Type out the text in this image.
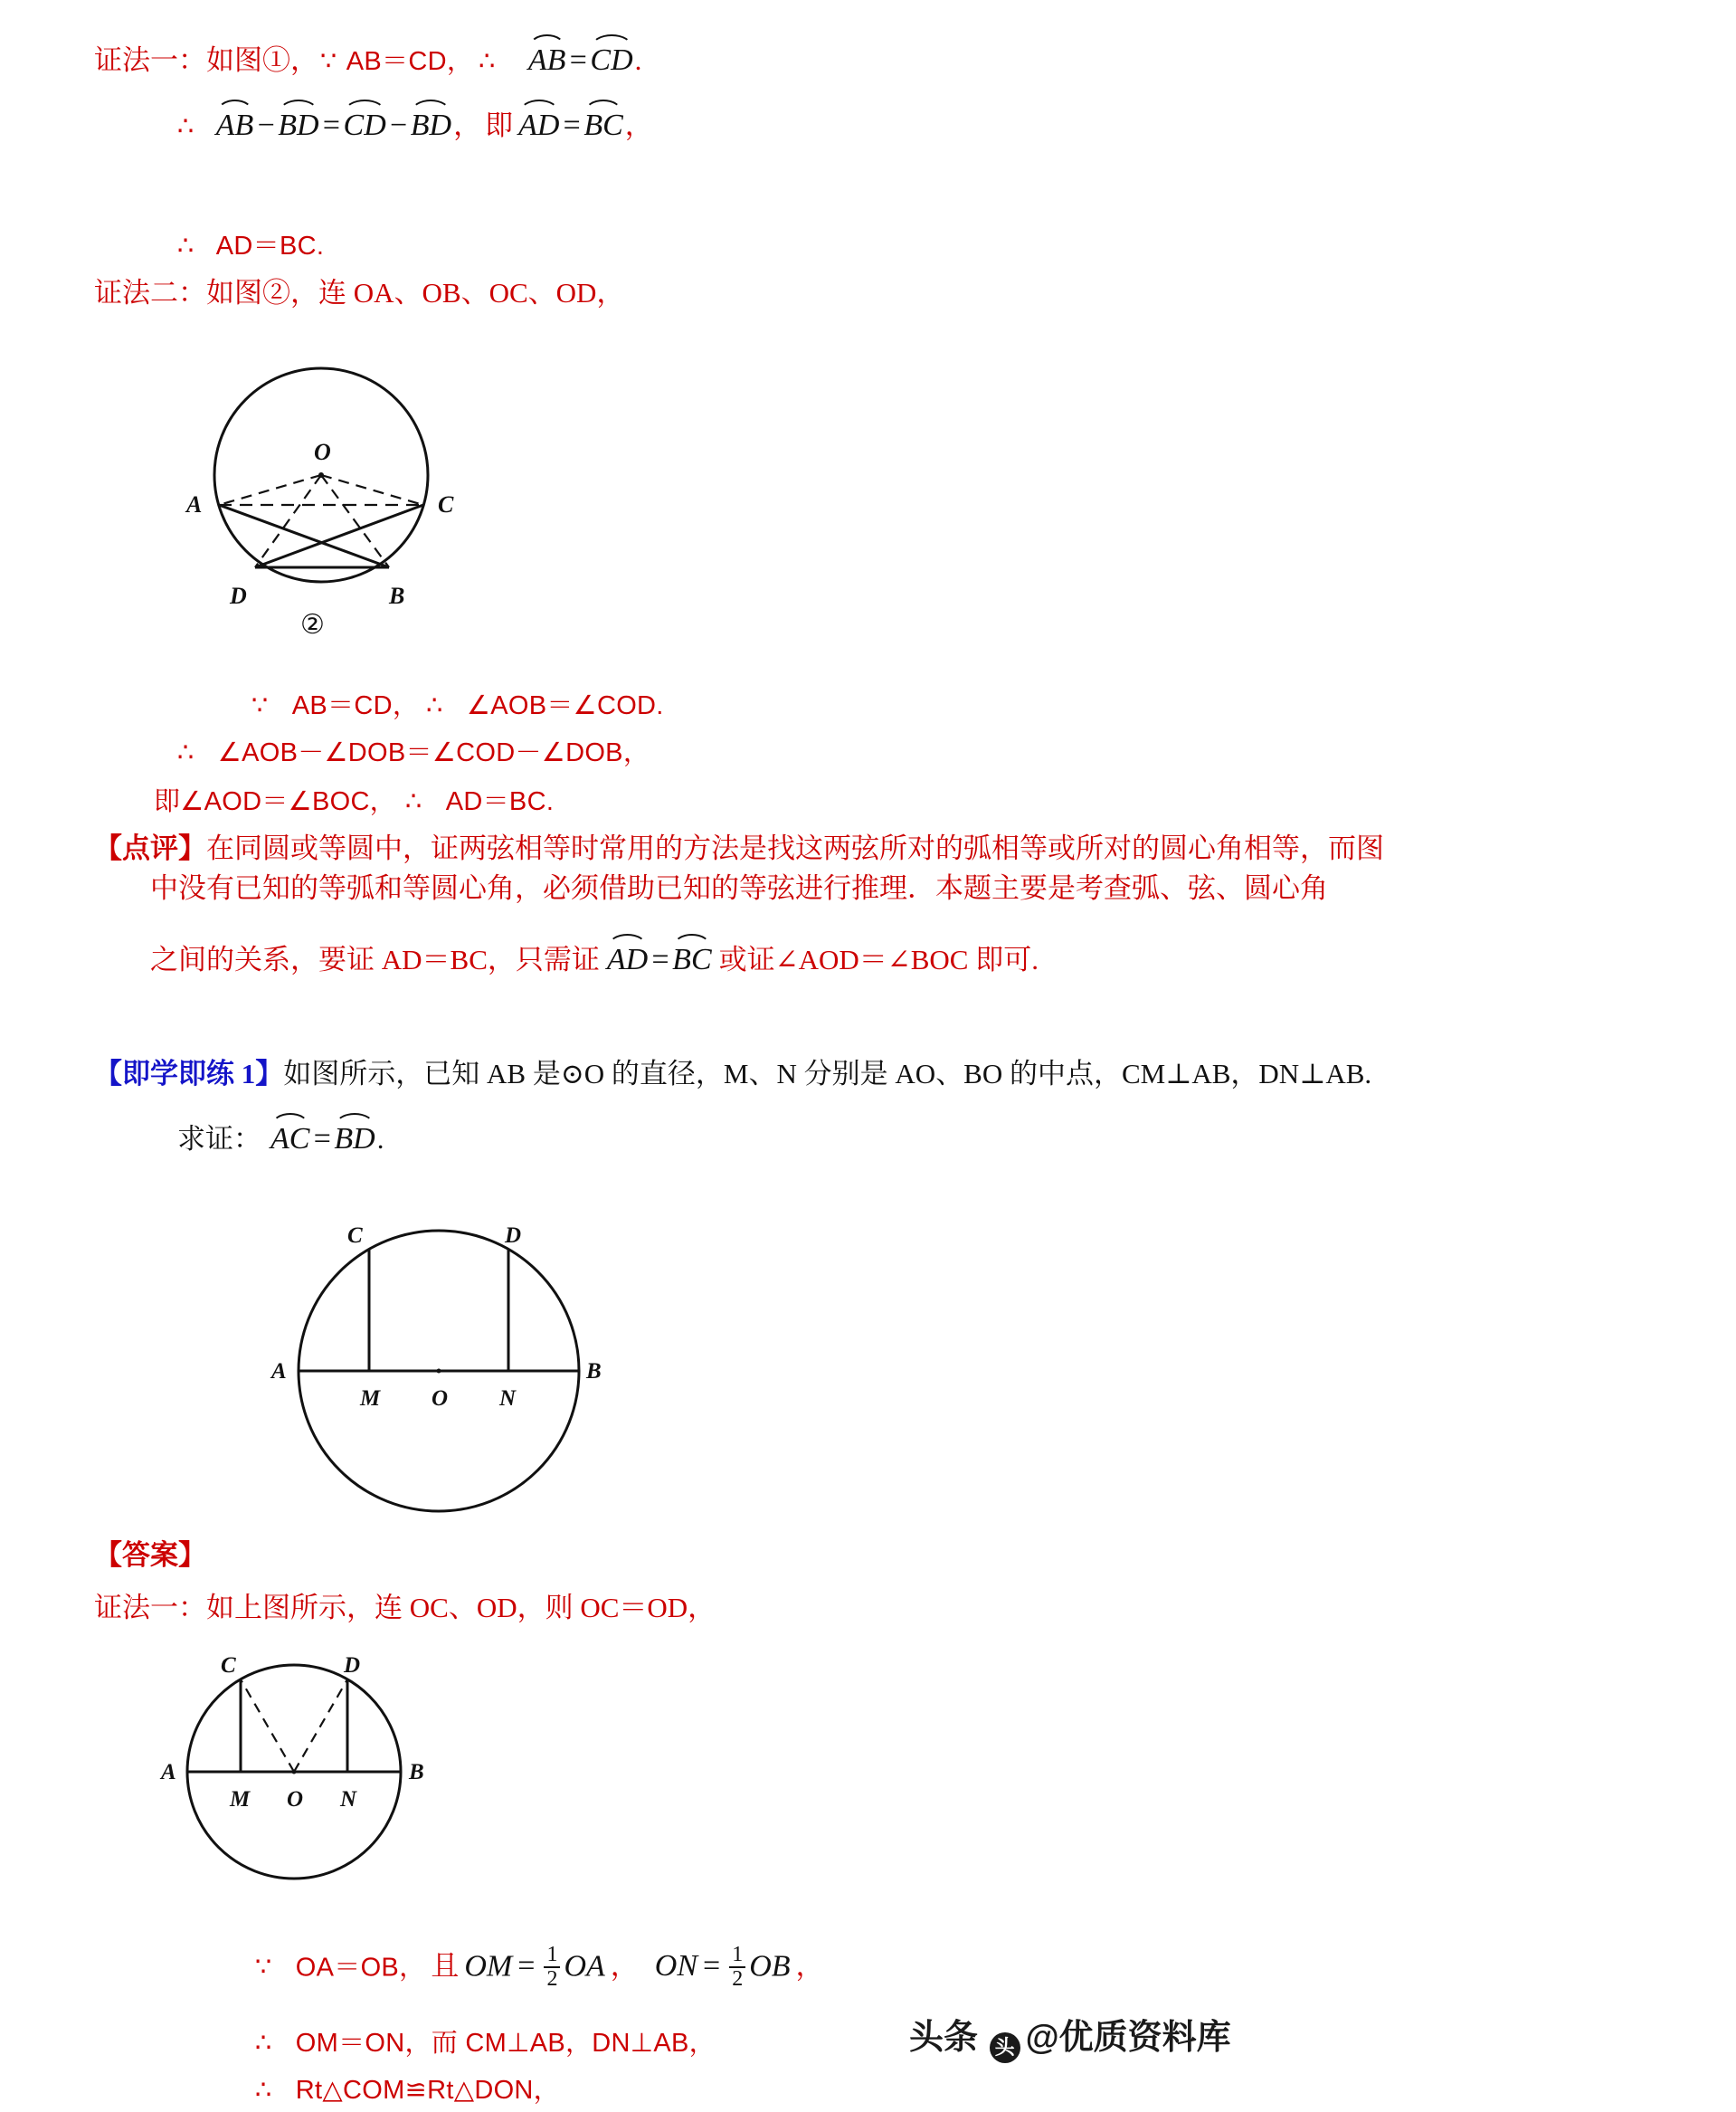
证法一：如图①，∵ AB＝CD， ∴ AB=
CD.
∴ AB−
BD=
CD−
BD， 即 AD=
BC，
∴ AD＝BC.
证法二：如图②，连 OA、OB、OC、OD，
O
A	C
D	B
②
∵ AB＝CD， ∴ ∠AOB＝∠COD.
∴ ∠AOB－∠DOB＝∠COD－∠DOB，
即∠AOD＝∠BOC， ∴ AD＝BC.
【点评】在同圆或等圆中，证两弦相等时常用的方法是找这两弦所对的弧相等或所对的圆心角相等，而图
中没有已知的等弧和等圆心角，必须借助已知的等弦进行推理．本题主要是考查弧、弦、圆心角
之间的关系，要证 AD＝BC，只需证 AD=
BC 或证∠AOD＝∠BOC 即可.
【即学即练 1】如图所示，已知 AB 是⊙O 的直径，M、N 分别是 AO、BO 的中点，CM⊥AB，DN⊥AB.
求证： AC=
BD.
C	D
A
M O N
B
【答案】
证法一：如上图所示，连 OC、OD，则 OC＝OD，
C	D
A
M O N
B
∵ OA＝OB， 且 OM = $\frac{1}{2}$ OA ， ON = $\frac{1}{2}$ OB ，
∴ OM＝ON，而 CM⊥AB，DN⊥AB，
∴ Rt△COM≌Rt△DON，
头条 头 @优质资料库
